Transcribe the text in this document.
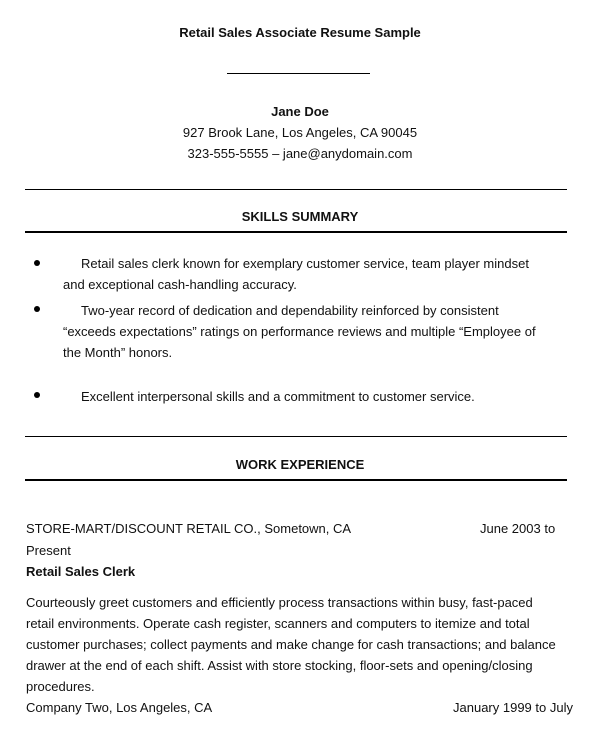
Retail Sales Associate Resume Sample
Jane Doe
927 Brook Lane, Los Angeles, CA 90045
323-555-5555 – jane@anydomain.com
SKILLS SUMMARY
Retail sales clerk known for exemplary customer service, team player mindset and exceptional cash-handling accuracy.
Two-year record of dedication and dependability reinforced by consistent “exceeds expectations” ratings on performance reviews and multiple “Employee of the Month” honors.
Excellent interpersonal skills and a commitment to customer service.
WORK EXPERIENCE
STORE-MART/DISCOUNT RETAIL CO., Sometown, CA	June 2003 to
Present
Retail Sales Clerk
Courteously greet customers and efficiently process transactions within busy, fast-paced retail environments. Operate cash register, scanners and computers to itemize and total customer purchases; collect payments and make change for cash transactions; and balance drawer at the end of each shift. Assist with store stocking, floor-sets and opening/closing procedures.
Company Two, Los Angeles, CA	January 1999 to July
